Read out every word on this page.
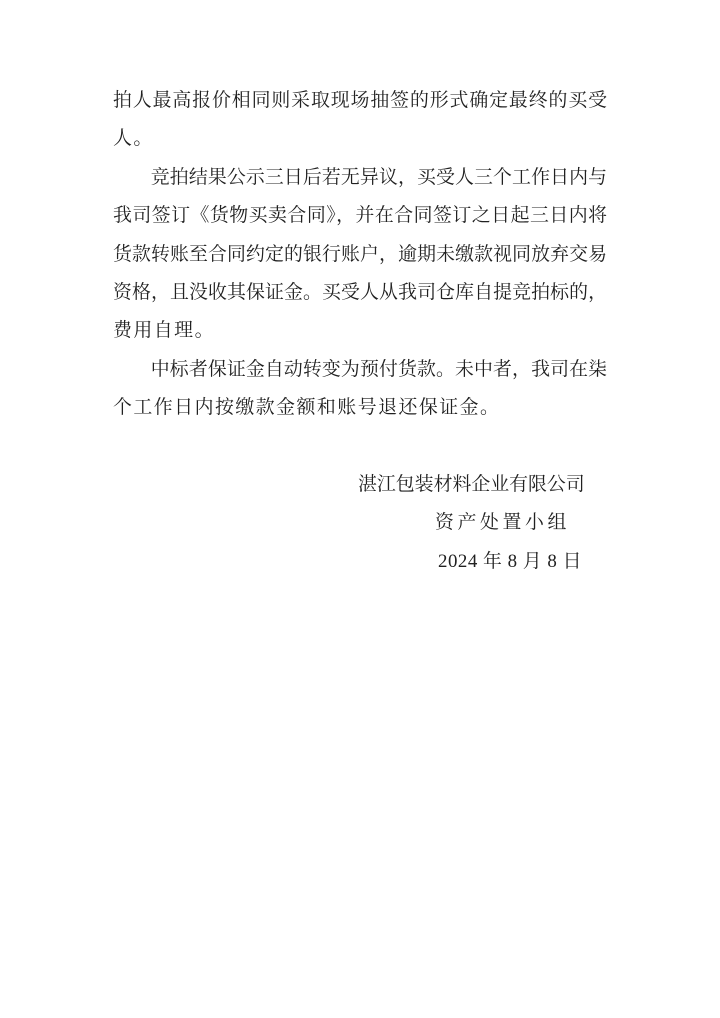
拍人最高报价相同则采取现场抽签的形式确定最终的买受
人。
竞拍结果公示三日后若无异议，买受人三个工作日内与
我司签订《货物买卖合同》，并在合同签订之日起三日内将
货款转账至合同约定的银行账户，逾期未缴款视同放弃交易
资格，且没收其保证金。买受人从我司仓库自提竞拍标的，
费用自理。
中标者保证金自动转变为预付货款。未中者，我司在柒
个工作日内按缴款金额和账号退还保证金。
湛江包装材料企业有限公司
资产处置小组
2024 年 8 月 8 日
